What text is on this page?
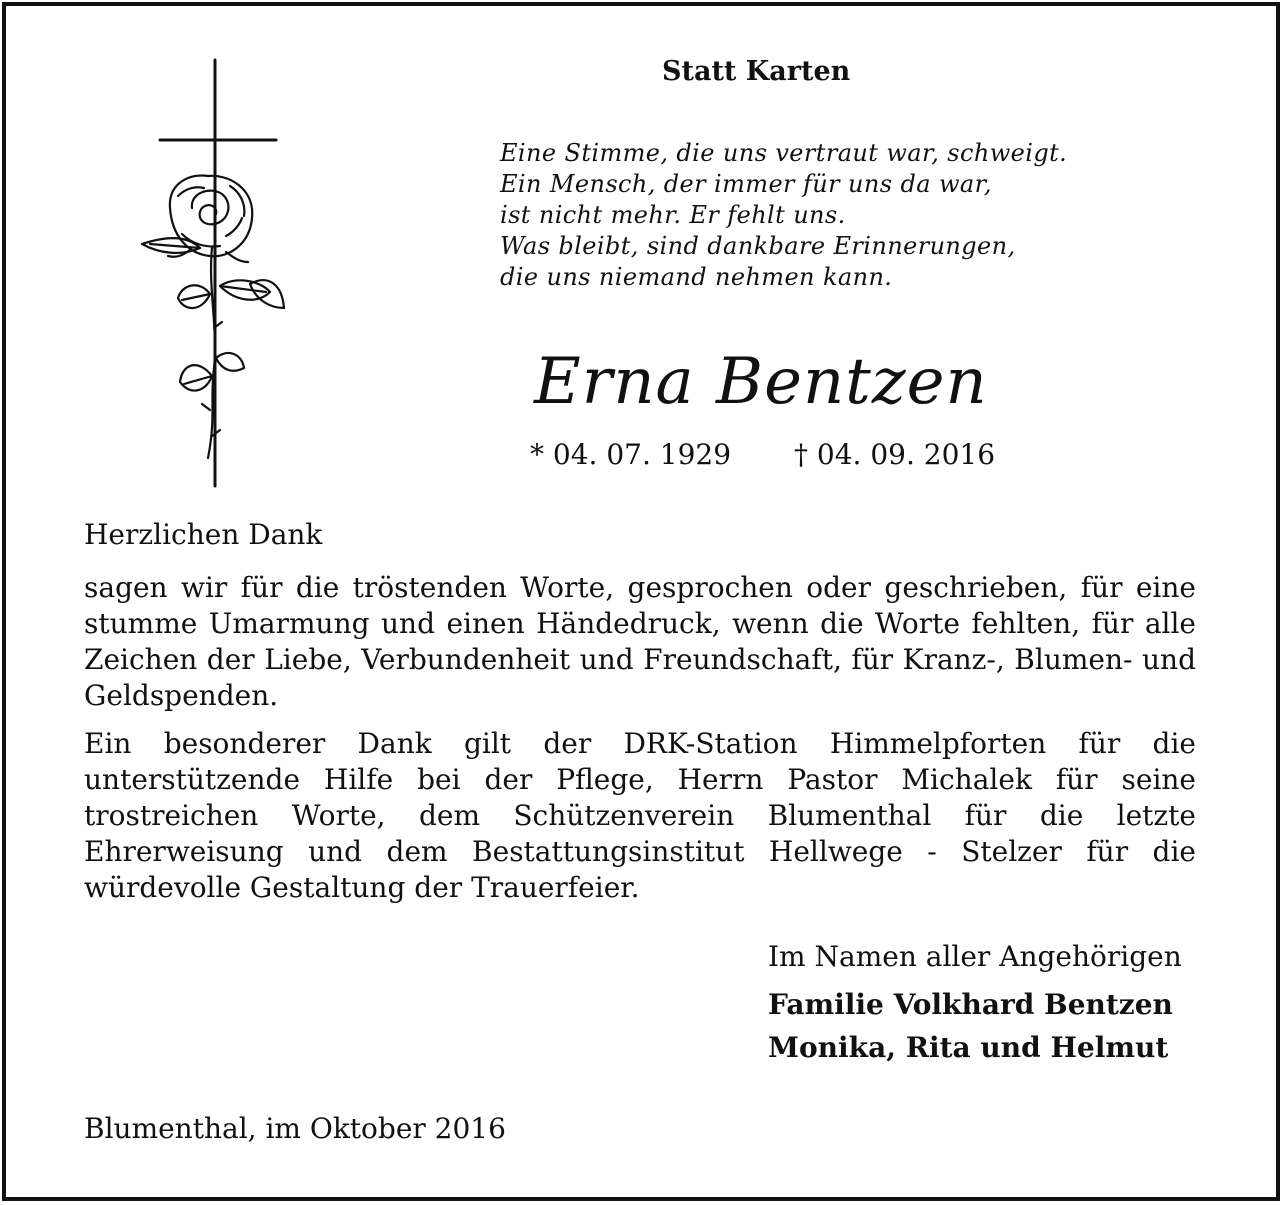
Statt Karten
Eine Stimme, die uns vertraut war, schweigt.
Ein Mensch, der immer für uns da war,
ist nicht mehr. Er fehlt uns.
Was bleibt, sind dankbare Erinnerungen,
die uns niemand nehmen kann.
Erna Bentzen
* 04. 07. 1929 † 04. 09. 2016
Herzlichen Dank

sagen wir für die tröstenden Worte, gesprochen oder geschrieben, für eine stumme Umarmung und einen Händedruck, wenn die Worte fehlten, für alle Zeichen der Liebe, Verbundenheit und Freundschaft, für Kranz-, Blumen- und Geldspenden.

Ein besonderer Dank gilt der DRK-Station Himmelpforten für die unterstützende Hilfe bei der Pflege, Herrn Pastor Michalek für seine trostreichen Worte, dem Schützenverein Blumenthal für die letzte Ehrerweisung und dem Bestattungsinstitut Hellwege - Stelzer für die würdevolle Gestaltung der Trauerfeier.

Im Namen aller Angehörigen
Familie Volkhard Bentzen
Monika, Rita und Helmut
Blumenthal, im Oktober 2016
